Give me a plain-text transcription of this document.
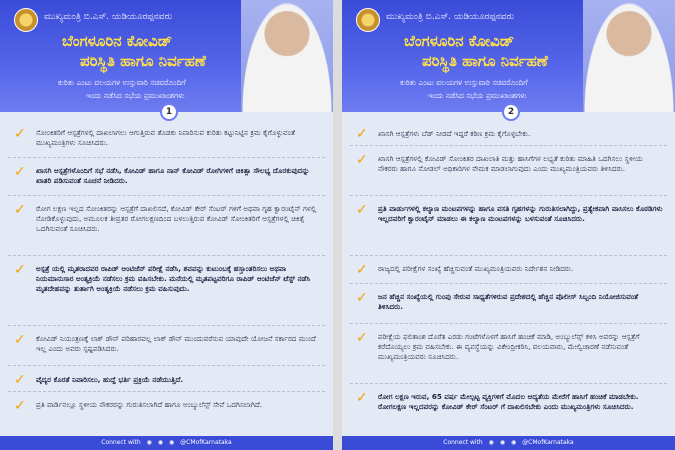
ಮುಖ್ಯಮಂತ್ರಿ ಬಿ.ಎಸ್. ಯಡಿಯೂರಪ್ಪನವರು
ಬೆಂಗಳೂರಿನ ಕೋವಿಡ್
ಪರಿಸ್ಥಿತಿ ಹಾಗೂ ನಿರ್ವಹಣೆ
ಕುರಿತು ಎಂಟು ವಲಯಗಳ ಉಸ್ತುವಾರಿ ಸಚಿವರೊಂದಿಗೆ
ಇಂದು ನಡೆಸಿದ ಸಭೆಯ ಪ್ರಮುಖಾಂಶಗಳು
1
✓ ಸೋಂಕಿತರಿಗೆ ಆಸ್ಪತ್ರೆಗಳಲ್ಲಿ ದಾಖಲಾಗಲು ಆಗುತ್ತಿರುವ ತೊಡಕು ನಿವಾರಿಸುವ ಕುರಿತು ಕಟ್ಟುನಿಟ್ಟಿನ ಕ್ರಮ ಕೈಗೊಳ್ಳುವಂತೆ ಮುಖ್ಯಮಂತ್ರಿಗಳು ಸೂಚಿಸಿದರು.
✓ ಖಾಸಗಿ ಆಸ್ಪತ್ರೆಗಳೊಂದಿಗೆ ಸಭೆ ನಡೆಸಿ, ಕೋವಿಡ್ ಹಾಗೂ ನಾನ್ ಕೋವಿಡ್ ರೋಗಿಗಳಿಗೆ ಚಿಕಿತ್ಸಾ ಸೌಲಭ್ಯ ದೊರಕುವುದನ್ನು ಖಾತರಿ ಪಡಿಸುವಂತೆ ಸೂಚನೆ ನೀಡಿದರು.
✓ ರೋಗ ಲಕ್ಷಣ ಇಲ್ಲದ ಸೋಂಕಿತರನ್ನು ಆಸ್ಪತ್ರೆಗೆ ದಾಖಲಿಸದೆ, ಕೋವಿಡ್ ಕೇರ್ ಸೆಂಟರ್ ಗಳಿಗೆ ಅಥವಾ ಗೃಹ ಕ್ವಾರಂಟೈನ್ ಗಳಲ್ಲಿ ನೋಡಿಕೊಳ್ಳುವುದು, ಅಮೂಲಕ ತೀವ್ರತರ ರೋಗಲಕ್ಷಣದಿಂದ ಬಳಲುತ್ತಿರುವ ಕೋವಿಡ್ ಸೋಂಕಿತರಿಗೆ ಆಸ್ಪತ್ರೆಗಳಲ್ಲಿ ಚಿಕಿತ್ಸೆ ಒದಗಿಸುವಂತೆ ಸೂಚಿಸಿದರು.
✓ ಅಸ್ಪತ್ರೆ ಯಲ್ಲಿ ಮೃತರಾದವರ ರಾಪಿಡ್ ಆಂಟಿಜೆನ್ ಪರೀಕ್ಷೆ ನಡೆಸಿ, ಶವವನ್ನು ಕುಟುಂಬಕ್ಕೆ ಹಸ್ತಾಂತರಿಸಲು ಅಥವಾ ನಿಯಮಾನುಸಾರ ಅಂತ್ಯಕ್ರಿಯೆ ನಡೆಸಲು ಕ್ರಮ ವಹಿಸಬೇಕು. ಮನೆಯಲ್ಲಿ ಮೃತಪಟ್ಟವರಿಗೂ ರಾಪಿಡ್ ಆಂಟಿಜೆನ್ ಟೆಸ್ಟ್ ನಡೆಸಿ ಮೃತದೇಹವನ್ನು ತುರ್ತಾಗಿ ಅಂತ್ಯಕ್ರಿಯೆ ನಡೆಸಲು ಕ್ರಮ ವಹಿಸುವುದು.
✓ ಕೋವಿಡ್ ನಿಯಂತ್ರಣಕ್ಕೆ ಲಾಕ್ ಡೌನ್ ಪರಿಹಾರವಲ್ಲ ಲಾಕ್ ಡೌನ್ ಮುಂದುವರೆಸುವ ಯಾವುದೇ ಯೋಜನೆ ಸರ್ಕಾರದ ಮುಂದೆ ಇಲ್ಲ ಎಂದು ಅವರು ಸ್ಪಷ್ಟಪಡಿಸಿದರು.
✓ ವೈದ್ಯರ ಕೊರತೆ ನಿವಾರಿಸಲು, ಹುದ್ದೆ ಭರ್ತಿ ಪ್ರಕ್ರಿಯೆ ನಡೆಯುತ್ತಿದೆ.
✓ ಪ್ರತಿ ವಾರ್ಡಿನಲ್ಲೂ ಸ್ಥಳೀಯ ನೌಕರರನ್ನು ಗುರುತಿಸಲಾಗಿದೆ ಹಾಗೂ ಅಂಬ್ಯುಲೆನ್ಸ್ ಸೇವೆ ಒದಗಿಸಲಾಗಿದೆ.
Connect with ◉ ◉ ◉ @CMofKarnataka
ಮುಖ್ಯಮಂತ್ರಿ ಬಿ.ಎಸ್. ಯಡಿಯೂರಪ್ಪನವರು
ಬೆಂಗಳೂರಿನ ಕೋವಿಡ್
ಪರಿಸ್ಥಿತಿ ಹಾಗೂ ನಿರ್ವಹಣೆ
ಕುರಿತು ಎಂಟು ವಲಯಗಳ ಉಸ್ತುವಾರಿ ಸಚಿವರೊಂದಿಗೆ
ಇಂದು ನಡೆಸಿದ ಸಭೆಯ ಪ್ರಮುಖಾಂಶಗಳು
2
✓ ಖಾಸಗಿ ಆಸ್ಪತ್ರೆಗಳು ಬೆಡ್ ನೀಡದೆ ಇದ್ದರೆ ಕಠಿಣ ಕ್ರಮ ಕೈಗೊಳ್ಳಬೇಕು.
✓ ಖಾಸಗಿ ಆಸ್ಪತ್ರೆಗಳಲ್ಲಿ ಕೋವಿಡ್ ಸೋಂಕಿತರ ದಾಖಲಾತಿ ಮತ್ತು ಹಾಸಿಗೆಗಳ ಲಭ್ಯತೆ ಕುರಿತು ಮಾಹಿತಿ ಒದಗಿಸಲು ಸ್ಥಳೀಯ ನೌಕರರು ಹಾಗೂ ನೋಡಲ್ ಅಧಿಕಾರಿಗಳ ನೇಮಕ ಮಾಡಲಾಗುವುದು ಎಂದು ಮುಖ್ಯಮಂತ್ರಿಯವರು ತಿಳಿಸಿದರು.
✓ ಪ್ರತಿ ವಾರ್ಡುಗಳಲ್ಲಿ ಕಲ್ಯಾಣ ಮಂಟಪಗಳನ್ನು ಹಾಗೂ ವಸತಿ ಗೃಹಗಳನ್ನು ಗುರುತಿಸಲಾಗಿದ್ದು, ಪ್ರತ್ಯೇಕವಾಗಿ ವಾಸಿಸಲು ಕೊಠಡಿಗಳು ಇಲ್ಲದವರಿಗೆ ಕ್ವಾರಂಟೈನ್ ಮಾಡಲು ಈ ಕಲ್ಯಾಣ ಮಂಟಪಗಳನ್ನು ಬಳಸುವಂತೆ ಸೂಚಿಸಿದರು.
✓ ರಾಜ್ಯದಲ್ಲಿ ಪರೀಕ್ಷೆಗಳ ಸಂಖ್ಯೆ ಹೆಚ್ಚಿಸುವಂತೆ ಮುಖ್ಯಮಂತ್ರಿಯವರು ನಿರ್ದೇಶನ ನೀಡಿದರು.
✓ ಜನ ಹೆಚ್ಚಿನ ಸಂಖ್ಯೆಯಲ್ಲಿ ಗುಂಪು ಸೇರುವ ಸಾಧ್ಯತೆಗಳಿರುವ ಪ್ರದೇಶದಲ್ಲಿ ಹೆಚ್ಚಿನ ಪೊಲೀಸ್ ಸಿಬ್ಬಂದಿ ನಿಯೋಜಿಸುವಂತೆ ತಿಳಿಸಿದರು.
✓ ಪರೀಕ್ಷೆಯ ಫಲಿತಾಂಶ ದೊರೆತ ಎರಡು ಗಂಟೆಗಳೊಳಗೆ ಹಾಸಿಗೆ ಹಂಚಿಕೆ ಮಾಡಿ, ಅಂಬ್ಯುಲೆನ್ಸ್ ಕಳಿಸಿ ಅವರನ್ನು ಆಸ್ಪತ್ರೆಗೆ ಕರೆದೊಯ್ಯಲು ಕ್ರಮ ವಹಿಸಬೇಕು. ಈ ವ್ಯವಸ್ಥೆಯನ್ನು ವಿಕೇಂದ್ರೀಕರಿಸಿ, ವಲಯವಾರು, ಮೇಲ್ವಿಚಾರಣೆ ನಡೆಸುವಂತೆ ಮುಖ್ಯಮಂತ್ರಿಯವರು ಸೂಚಿಸಿದರು.
✓ ರೋಗ ಲಕ್ಷಣ ಇರುವ, 65 ವರ್ಷ ಮೇಲ್ಪಟ್ಟ ವ್ಯಕ್ತಿಗಳಿಗೆ ಮೊದಲ ಆದ್ಯತೆಯ ಮೇರೆಗೆ ಹಾಸಿಗೆ ಹಂಚಿಕೆ ಮಾಡಬೇಕು. ರೋಗಲಕ್ಷಣ ಇಲ್ಲದವರನ್ನು ಕೋವಿಡ್ ಕೇರ್ ಸೆಂಟರ್ ಗೆ ದಾಖಲಿಸಬೇಕು ಎಂದು ಮುಖ್ಯಮಂತ್ರಿಗಳು ಸೂಚಿಸಿದರು.
Connect with ◉ ◉ ◉ @CMofKarnataka
